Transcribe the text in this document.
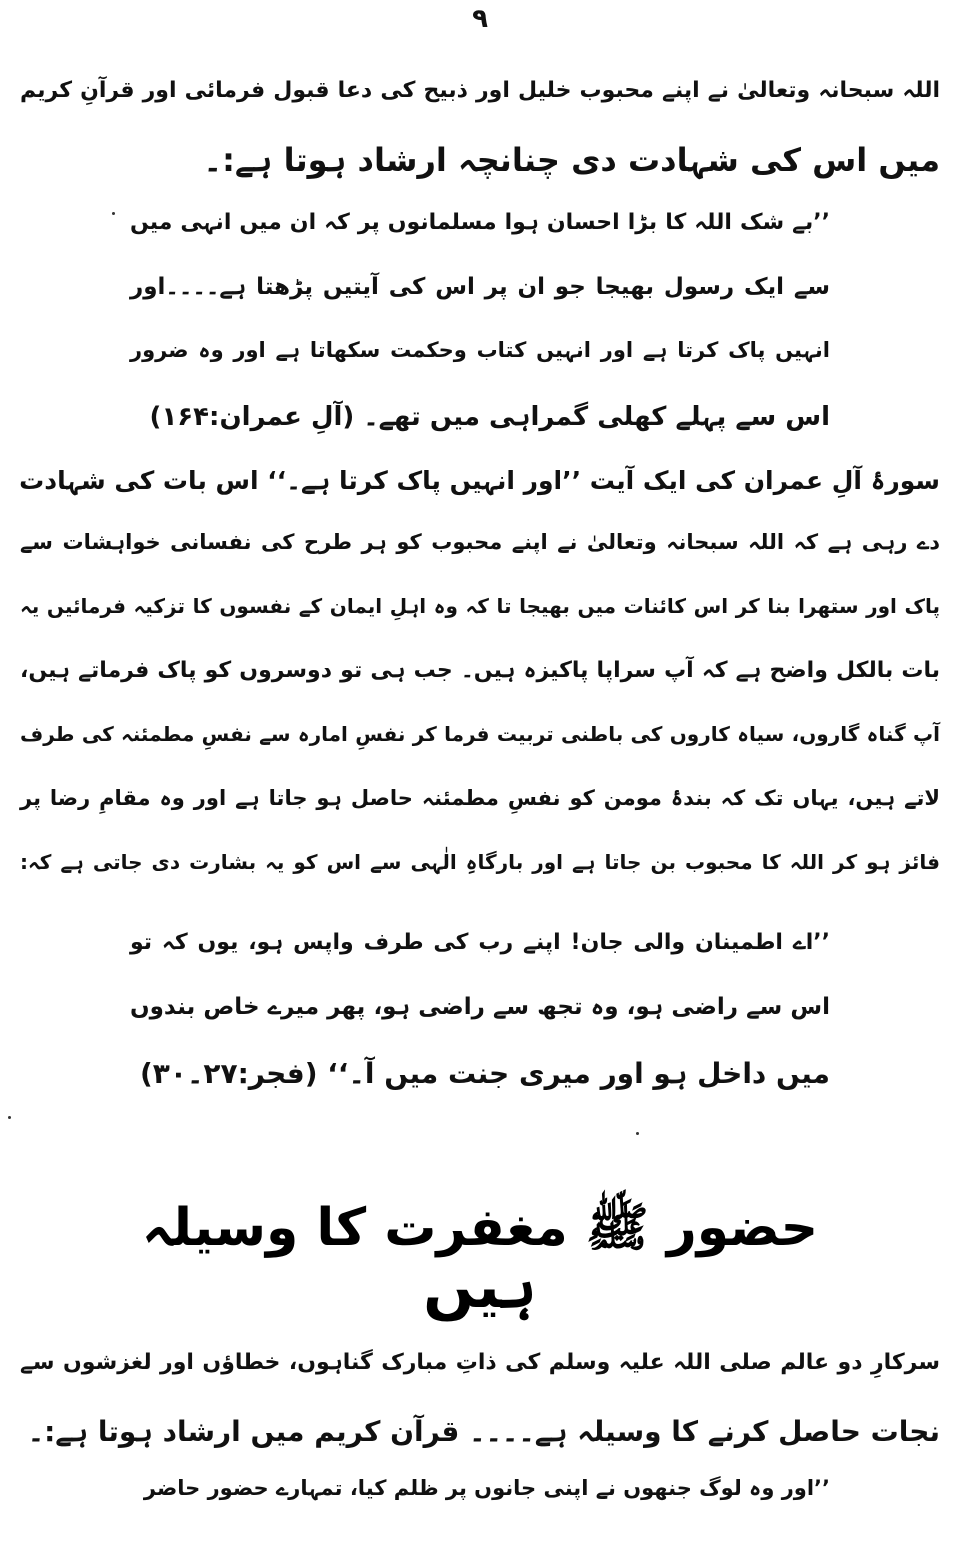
۹
اللہ سبحانہ وتعالیٰ نے اپنے محبوب خلیل اور ذبیح کی دعا قبول فرمائی اور قرآنِ کریم
میں اس کی شہادت دی چنانچہ ارشاد ہوتا ہے:۔
’’بے شک اللہ کا بڑا احسان ہوا مسلمانوں پر کہ ان میں انہی میں
سے ایک رسول بھیجا جو ان پر اس کی آیتیں پڑھتا ہے۔۔۔۔اور
انہیں پاک کرتا ہے اور انہیں کتاب وحکمت سکھاتا ہے اور وہ ضرور
اس سے پہلے کھلی گمراہی میں تھے۔ (آلِ عمران:۱۶۴)
سورۂ آلِ عمران کی ایک آیت ’’اور انہیں پاک کرتا ہے۔‘‘ اس بات کی شہادت
دے رہی ہے کہ اللہ سبحانہ وتعالیٰ نے اپنے محبوب کو ہر طرح کی نفسانی خواہشات سے
پاک اور ستھرا بنا کر اس کائنات میں بھیجا تا کہ وہ اہلِ ایمان کے نفسوں کا تزکیہ فرمائیں یہ
بات بالکل واضح ہے کہ آپ سراپا پاکیزہ ہیں۔ جب ہی تو دوسروں کو پاک فرماتے ہیں،
آپ گناہ گاروں، سیاہ کاروں کی باطنی تربیت فرما کر نفسِ امارہ سے نفسِ مطمئنہ کی طرف
لاتے ہیں، یہاں تک کہ بندۂ مومن کو نفسِ مطمئنہ حاصل ہو جاتا ہے اور وہ مقامِ رضا پر
فائز ہو کر اللہ کا محبوب بن جاتا ہے اور بارگاہِ الٰہی سے اس کو یہ بشارت دی جاتی ہے کہ:
’’اے اطمینان والی جان! اپنے رب کی طرف واپس ہو، یوں کہ تو
اس سے راضی ہو، وہ تجھ سے راضی ہو، پھر میرے خاص بندوں
میں داخل ہو اور میری جنت میں آ۔‘‘ (فجر:۲۷۔۳۰)
حضور ﷺ مغفرت کا وسیلہ
ہیں
سرکارِ دو عالم صلی اللہ علیہ وسلم کی ذاتِ مبارک گناہوں، خطاؤں اور لغزشوں سے
نجات حاصل کرنے کا وسیلہ ہے۔۔۔۔ قرآن کریم میں ارشاد ہوتا ہے:۔
’’اور وہ لوگ جنھوں نے اپنی جانوں پر ظلم کیا، تمہارے حضور حاضر
